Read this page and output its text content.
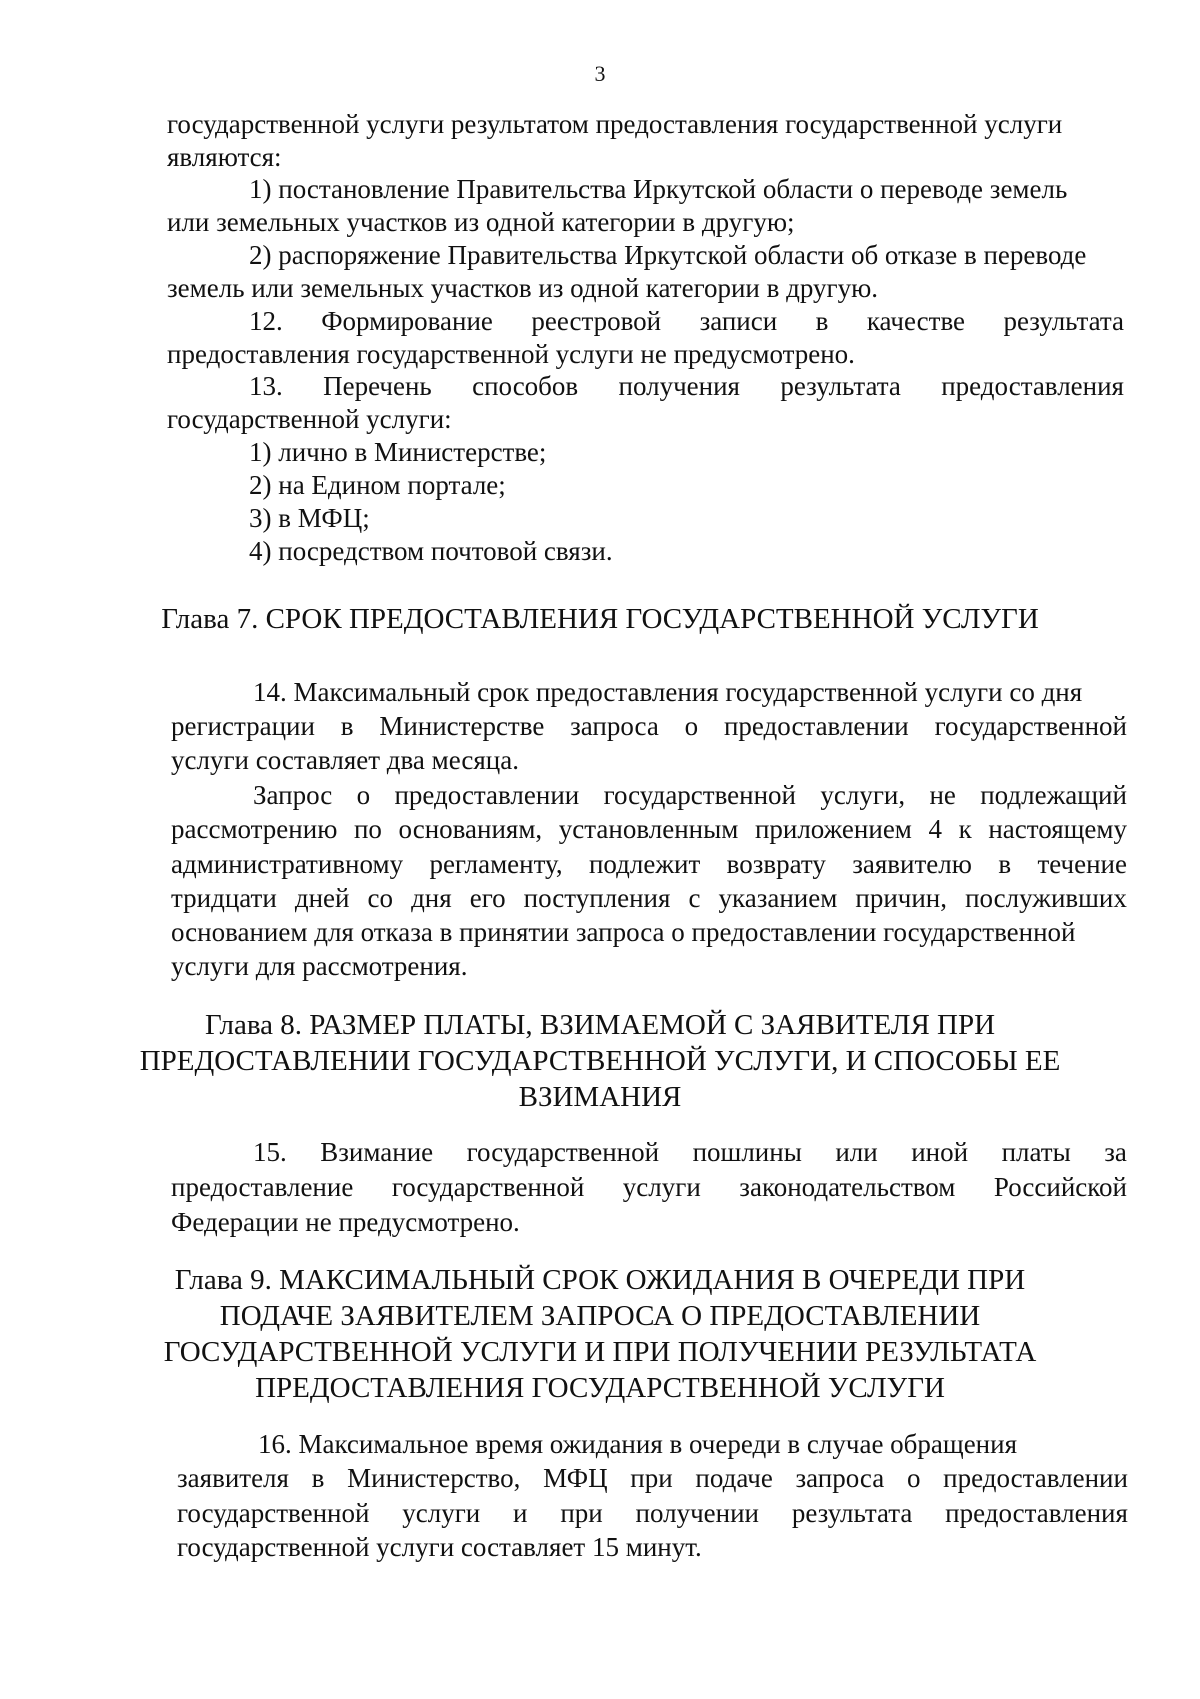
3
государственной услуги результатом предоставления государственной услуги
являются:
1) постановление Правительства Иркутской области о переводе земель
или земельных участков из одной категории в другую;
2) распоряжение Правительства Иркутской области об отказе в переводе
земель или земельных участков из одной категории в другую.
12. Формирование реестровой записи в качестве результата
предоставления государственной услуги не предусмотрено.
13. Перечень способов получения результата предоставления
государственной услуги:
1) лично в Министерстве;
2) на Едином портале;
3) в МФЦ;
4) посредством почтовой связи.
Глава 7. СРОК ПРЕДОСТАВЛЕНИЯ ГОСУДАРСТВЕННОЙ УСЛУГИ
14. Максимальный срок предоставления государственной услуги со дня
регистрации в Министерстве запроса о предоставлении государственной
услуги составляет два месяца.
Запрос о предоставлении государственной услуги, не подлежащий
рассмотрению по основаниям, установленным приложением 4 к настоящему
административному регламенту, подлежит возврату заявителю в течение
тридцати дней со дня его поступления с указанием причин, послуживших
основанием для отказа в принятии запроса о предоставлении государственной
услуги для рассмотрения.
Глава 8. РАЗМЕР ПЛАТЫ, ВЗИМАЕМОЙ С ЗАЯВИТЕЛЯ ПРИ
ПРЕДОСТАВЛЕНИИ ГОСУДАРСТВЕННОЙ УСЛУГИ, И СПОСОБЫ ЕЕ
ВЗИМАНИЯ
15. Взимание государственной пошлины или иной платы за
предоставление государственной услуги законодательством Российской
Федерации не предусмотрено.
Глава 9. МАКСИМАЛЬНЫЙ СРОК ОЖИДАНИЯ В ОЧЕРЕДИ ПРИ
ПОДАЧЕ ЗАЯВИТЕЛЕМ ЗАПРОСА О ПРЕДОСТАВЛЕНИИ
ГОСУДАРСТВЕННОЙ УСЛУГИ И ПРИ ПОЛУЧЕНИИ РЕЗУЛЬТАТА
ПРЕДОСТАВЛЕНИЯ ГОСУДАРСТВЕННОЙ УСЛУГИ
16. Максимальное время ожидания в очереди в случае обращения
заявителя в Министерство, МФЦ при подаче запроса о предоставлении
государственной услуги и при получении результата предоставления
государственной услуги составляет 15 минут.
